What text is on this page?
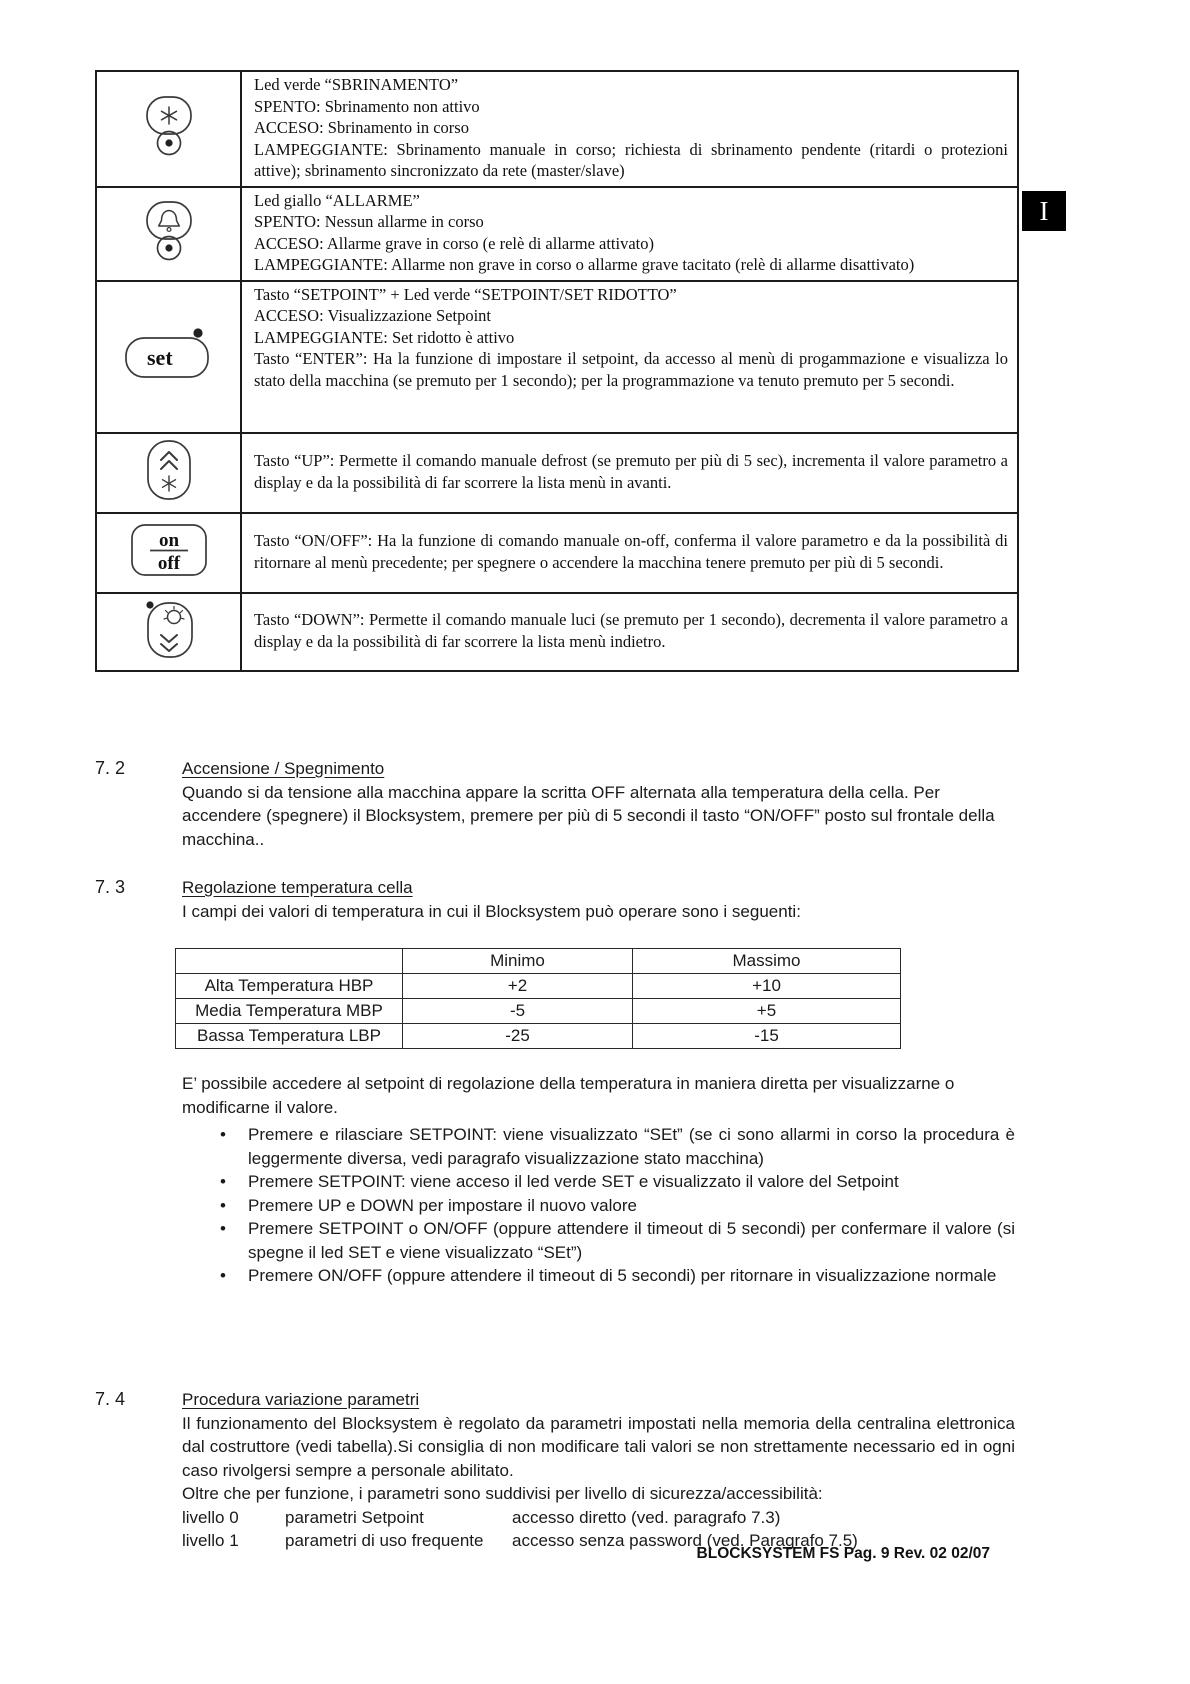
I

Led verde “SBRINAMENTO”
SPENTO: Sbrinamento non attivo
ACCESO: Sbrinamento in corso
LAMPEGGIANTE: Sbrinamento manuale in corso; richiesta di sbrinamento pendente (ritardi o protezioni attive); sbrinamento sincronizzato da rete (master/slave)

Led giallo “ALLARME”
SPENTO: Nessun allarme in corso
ACCESO: Allarme grave in corso (e relè di allarme attivato)
LAMPEGGIANTE: Allarme non grave in corso o allarme grave tacitato (relè di allarme disattivato)

set	Tasto “SETPOINT” + Led verde “SETPOINT/SET RIDOTTO”
ACCESO: Visualizzazione Setpoint
LAMPEGGIANTE: Set ridotto è attivo
Tasto “ENTER”: Ha la funzione di impostare il setpoint, da accesso al menù di progammazione e visualizza lo stato della macchina (se premuto per 1 secondo); per la programmazione va tenuto premuto per 5 secondi.

Tasto “UP”: Permette il comando manuale defrost (se premuto per più di 5 sec), incrementa il valore parametro a display e da la possibilità di far scorrere la lista menù in avanti.

on
off	Tasto “ON/OFF”: Ha la funzione di comando manuale on-off, conferma il valore parametro e da la possibilità di ritornare al menù precedente; per spegnere o accendere la macchina tenere premuto per più di 5 secondi.

Tasto “DOWN”: Permette il comando manuale luci (se premuto per 1 secondo), decrementa il valore parametro a display e da la possibilità di far scorrere la lista menù indietro.
7. 2	Accensione / Spegnimento
Quando si da tensione alla macchina appare la scritta OFF alternata alla temperatura della cella. Per accendere (spegnere) il Blocksystem, premere per più di 5 secondi il tasto “ON/OFF” posto sul frontale della macchina..
7. 3	Regolazione temperatura cella
I campi dei valori di temperatura in cui il Blocksystem può operare sono i seguenti:
	Minimo	Massimo
Alta Temperatura HBP	+2	+10
Media Temperatura MBP	-5	+5
Bassa Temperatura LBP	-25	-15
E’ possibile accedere al setpoint di regolazione della temperatura in maniera diretta per visualizzarne o modificarne il valore.
•	Premere e rilasciare SETPOINT: viene visualizzato “SEt” (se ci sono allarmi in corso la procedura è leggermente diversa, vedi paragrafo visualizzazione stato macchina)
•	Premere SETPOINT: viene acceso il led verde SET e visualizzato il valore del Setpoint
•	Premere UP e DOWN per impostare il nuovo valore
•	Premere SETPOINT o ON/OFF (oppure attendere il timeout di 5 secondi) per confermare il valore (si spegne il led SET e viene visualizzato “SEt”)
•	Premere ON/OFF (oppure attendere il timeout di 5 secondi) per ritornare in visualizzazione normale
7. 4	Procedura variazione parametri
Il funzionamento del Blocksystem è regolato da parametri impostati nella memoria della centralina elettronica dal costruttore (vedi tabella).Si consiglia di non modificare tali valori se non strettamente necessario ed in ogni caso rivolgersi sempre a personale abilitato.
Oltre che per funzione, i parametri sono suddivisi per livello di sicurezza/accessibilità:
livello 0	parametri Setpoint	accesso diretto (ved. paragrafo 7.3)
livello 1	parametri di uso frequente	accesso senza password (ved. Paragrafo 7.5)
BLOCKSYSTEM FS Pag. 9 Rev. 02 02/07
